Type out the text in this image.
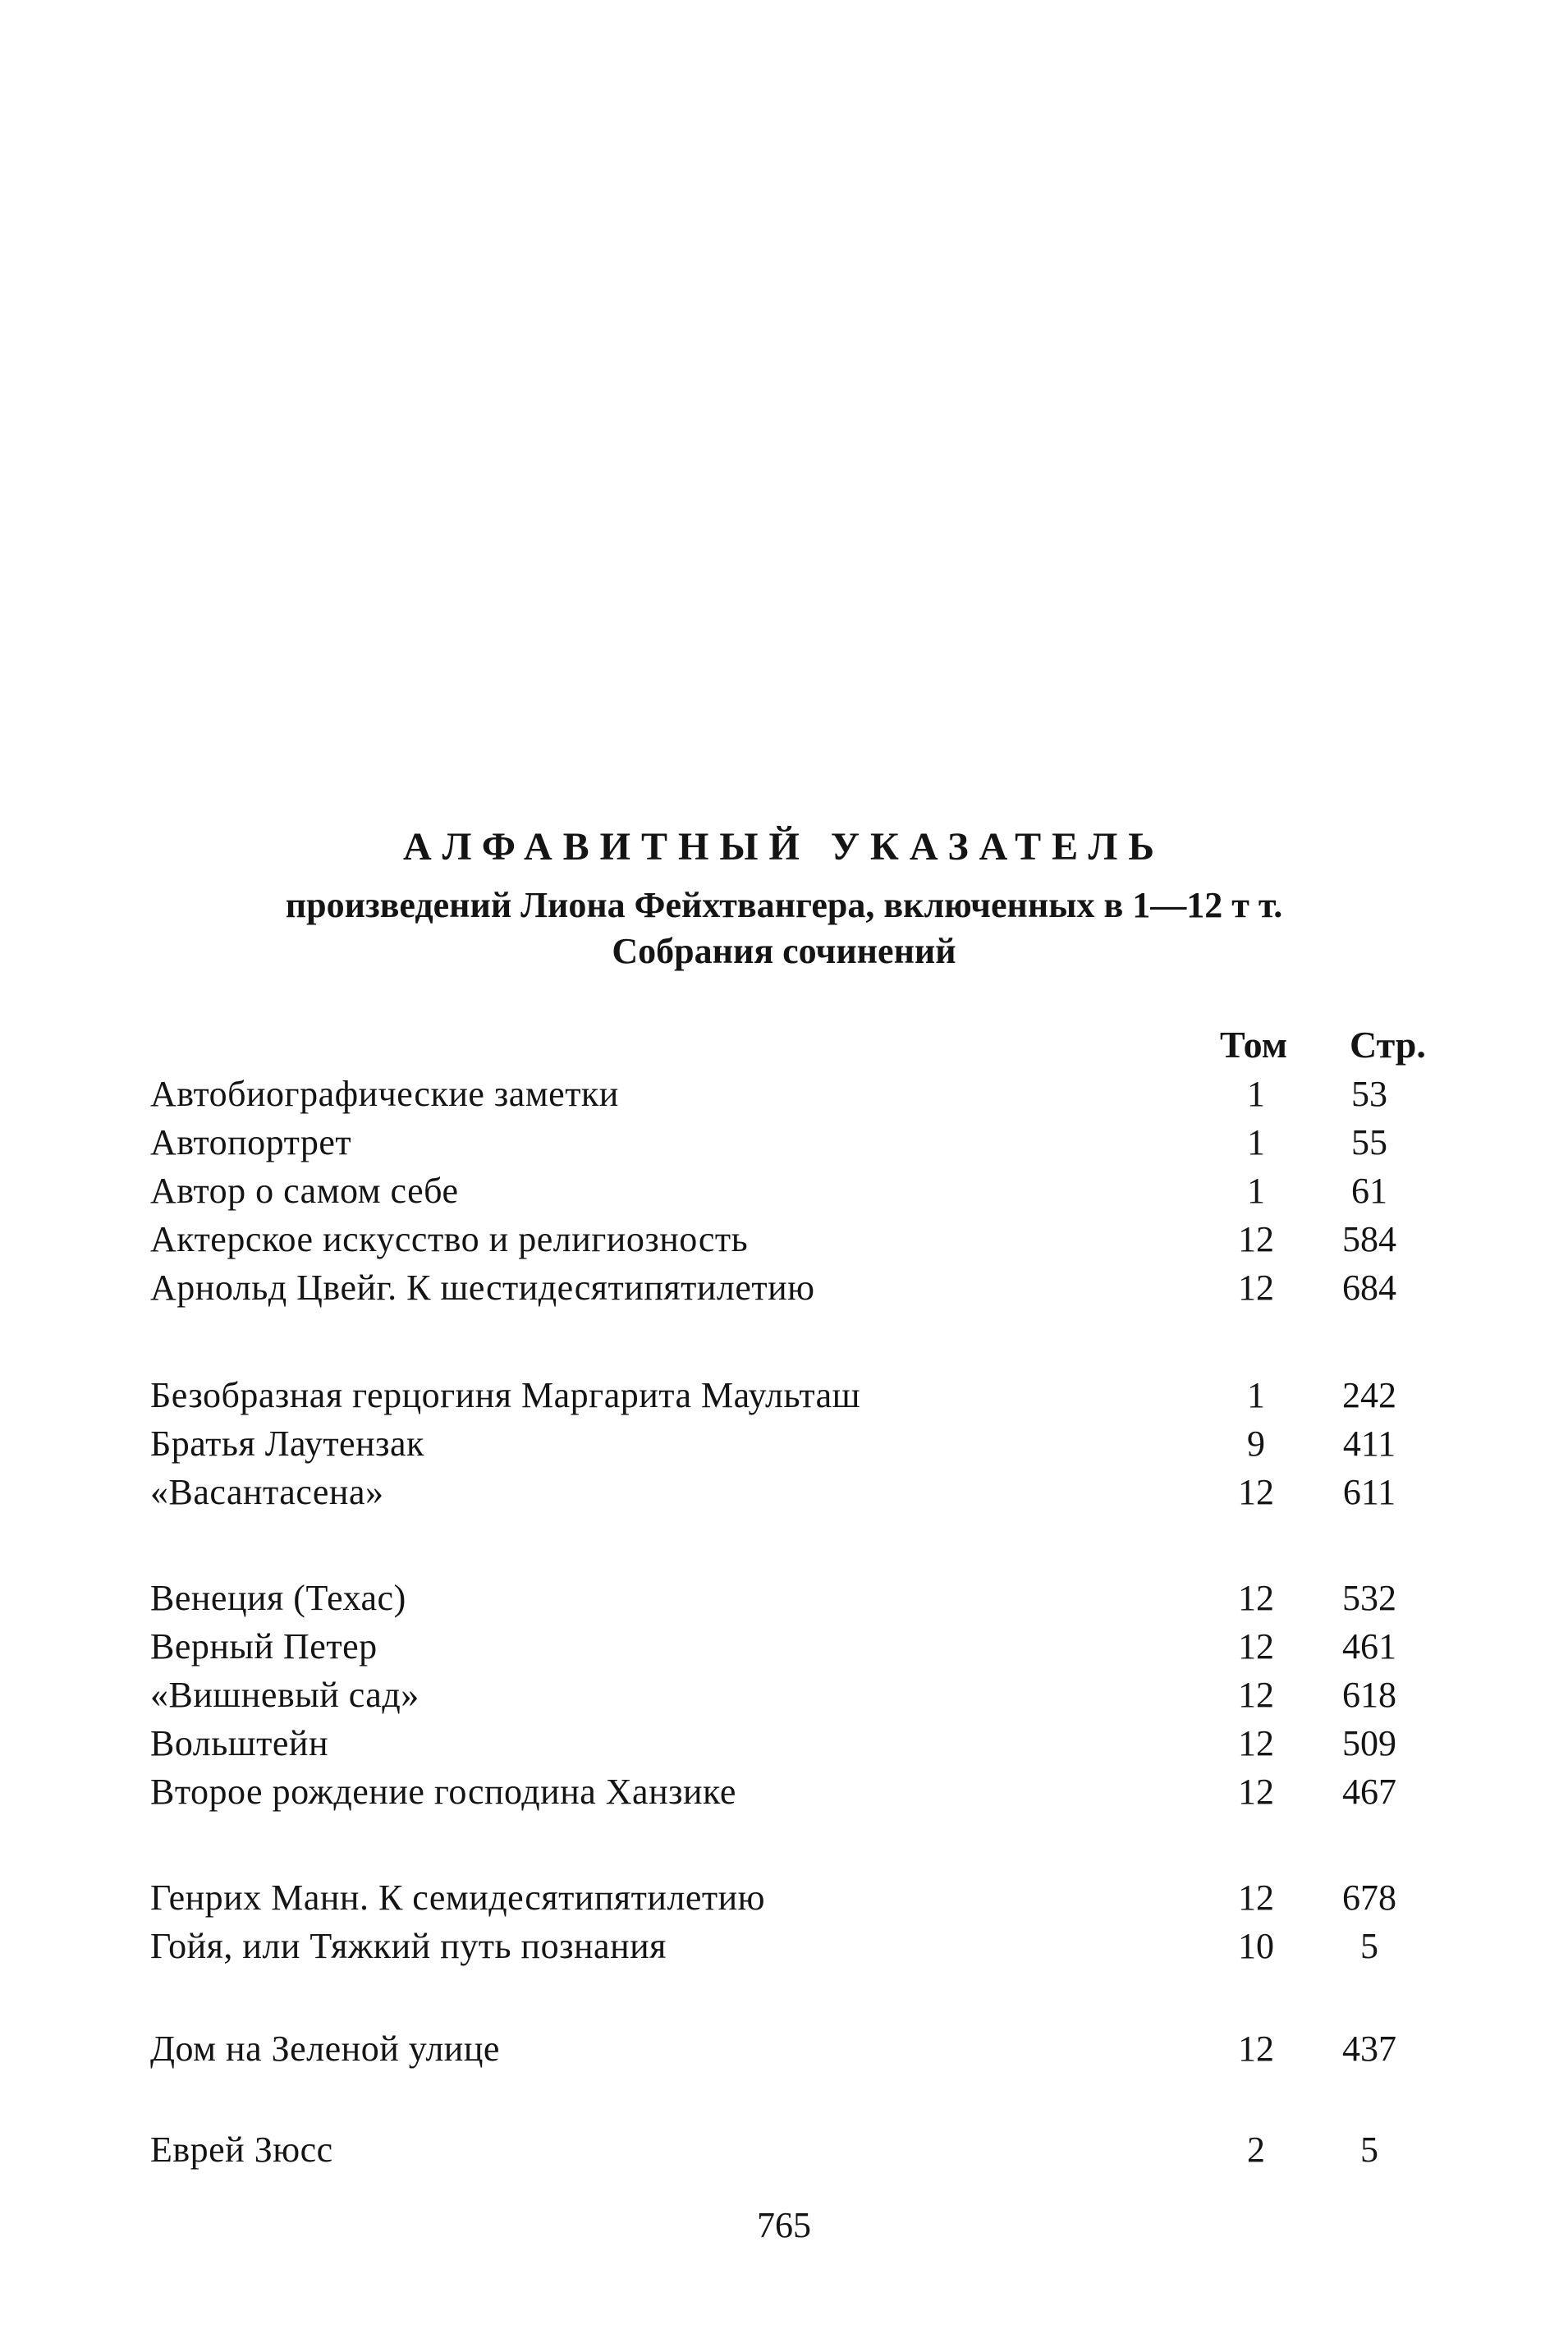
АЛФАВИТНЫЙ УКАЗАТЕЛЬ
произведений Лиона Фейхтвангера, включенных в 1—12 т т.
Собрания сочинений
Том Стр.
Автобиографические заметки	1	53
Автопортрет	1	55
Автор о самом себе	1	61
Актерское искусство и религиозность	12	584
Арнольд Цвейг. К шестидесятипятилетию	12	684
Безобразная герцогиня Маргарита Маульташ	1	242
Братья Лаутензак	9	411
«Васантасена»	12	611
Венеция (Техас)	12	532
Верный Петер	12	461
«Вишневый сад»	12	618
Вольштейн	12	509
Второе рождение господина Ханзике	12	467
Генрих Манн. К семидесятипятилетию	12	678
Гойя, или Тяжкий путь познания	10	5
Дом на Зеленой улице	12	437
Еврей Зюсс	2	5
765
